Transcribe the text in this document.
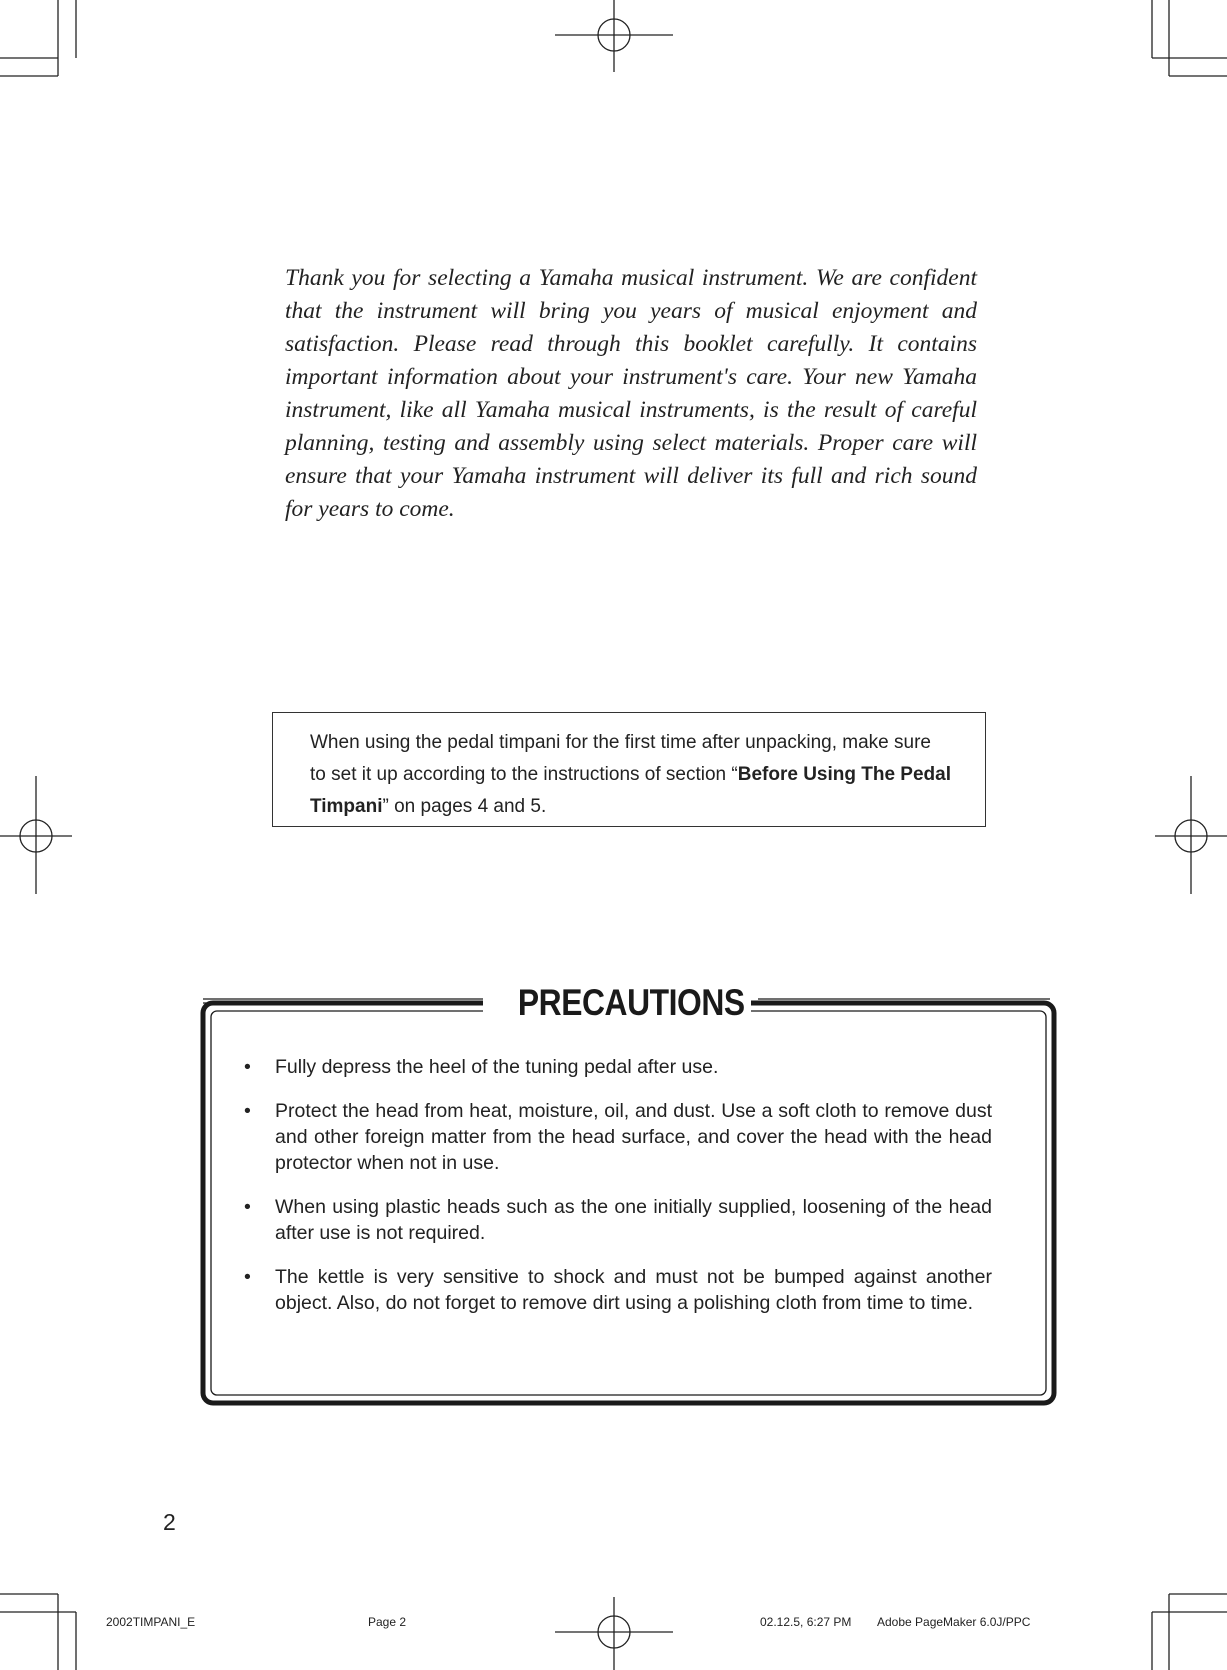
Thank you for selecting a Yamaha musical instrument. We are confident that the instrument will bring you years of musical enjoyment and satisfaction. Please read through this booklet carefully. It contains important information about your instrument's care. Your new Yamaha instrument, like all Yamaha musical instruments, is the result of careful planning, testing and assembly using select materials. Proper care will ensure that your Yamaha instrument will deliver its full and rich sound for years to come.

When using the pedal timpani for the first time after unpacking, make sure to set it up according to the instructions of section “Before Using The Pedal Timpani” on pages 4 and 5.
PRECAUTIONS
• Fully depress the heel of the tuning pedal after use.
• Protect the head from heat, moisture, oil, and dust. Use a soft cloth to remove dust and other foreign matter from the head surface, and cover the head with the head protector when not in use.
• When using plastic heads such as the one initially supplied, loosening of the head after use is not required.
• The kettle is very sensitive to shock and must not be bumped against another object. Also, do not forget to remove dirt using a polishing cloth from time to time.
2
2002TIMPANI_E	Page 2	02.12.5, 6:27 PM Adobe PageMaker 6.0J/PPC
